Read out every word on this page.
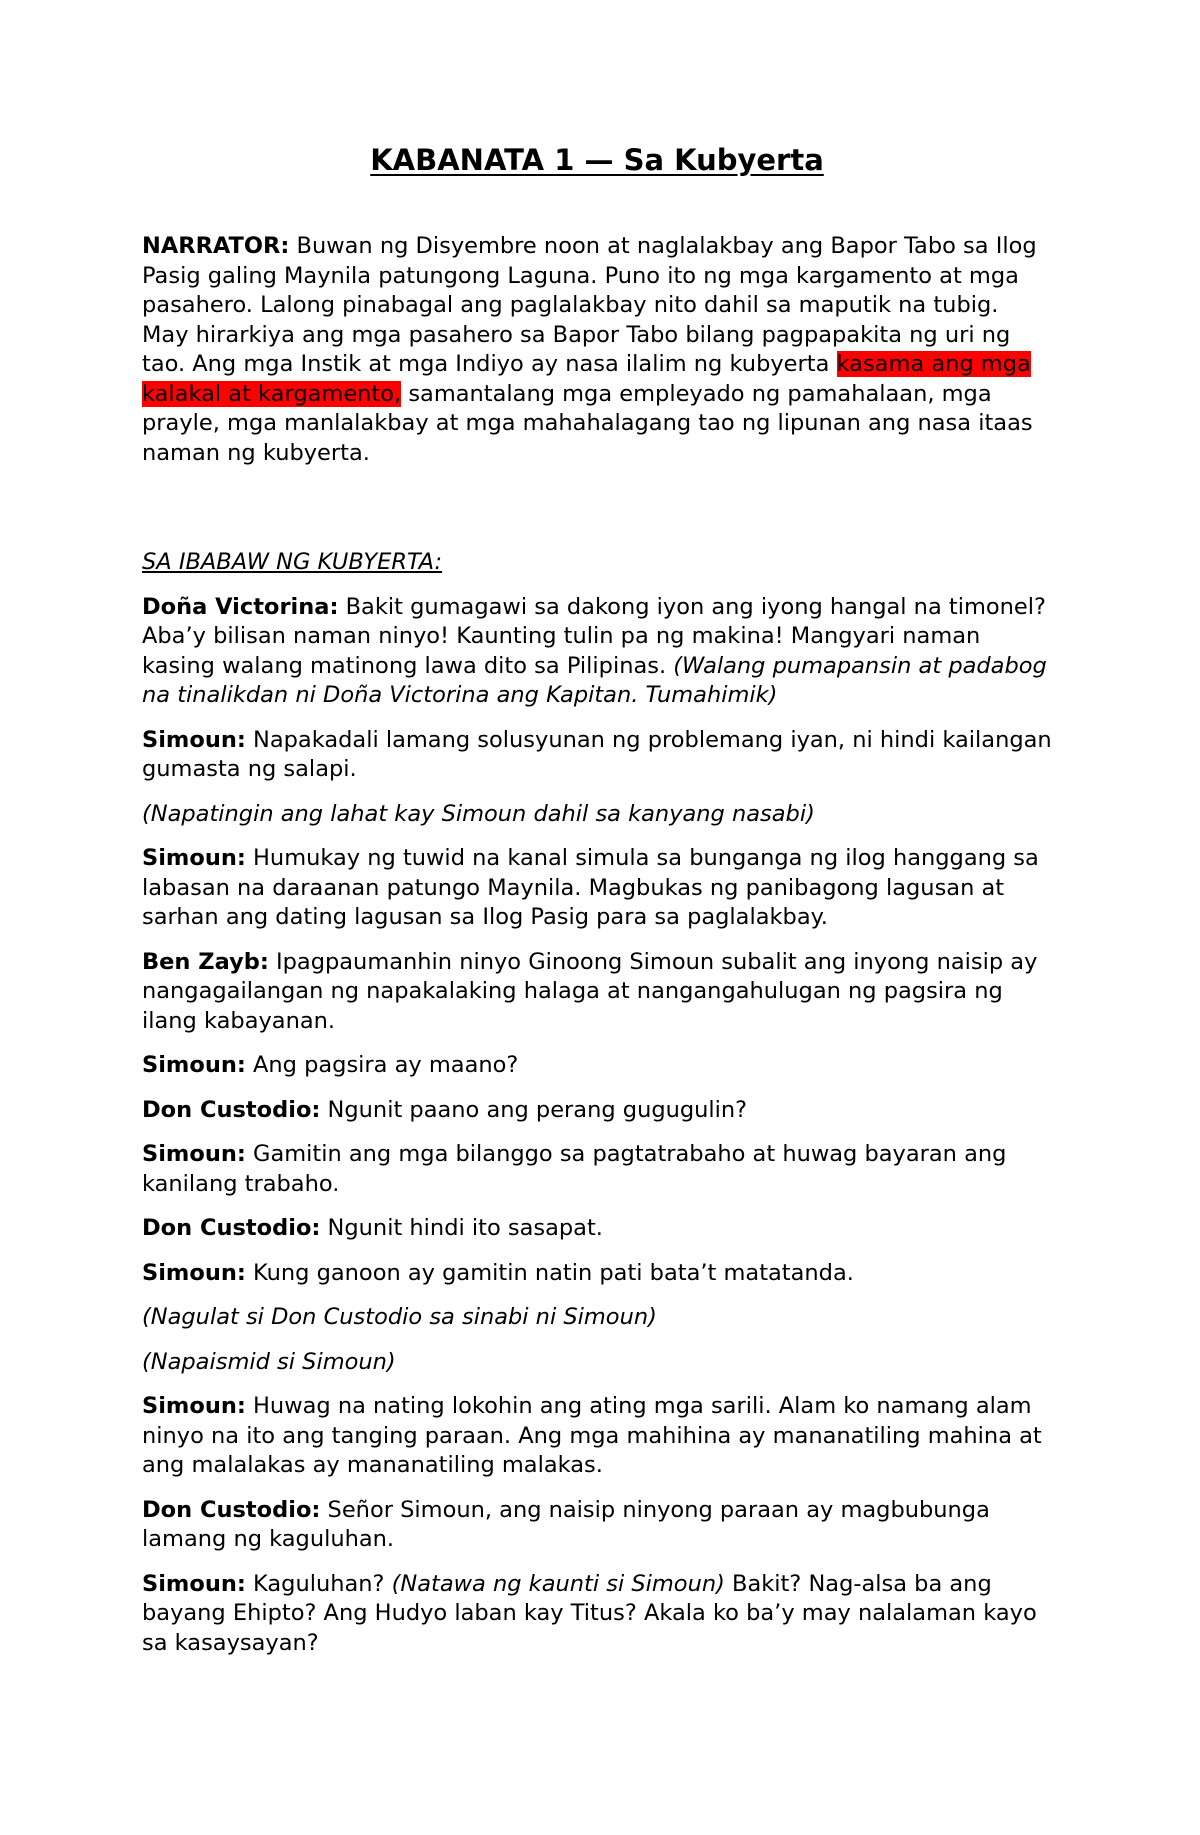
KABANATA 1 — Sa Kubyerta

NARRATOR: Buwan ng Disyembre noon at naglalakbay ang Bapor Tabo sa Ilog Pasig galing Maynila patungong Laguna. Puno ito ng mga kargamento at mga pasahero. Lalong pinabagal ang paglalakbay nito dahil sa maputik na tubig. May hirarkiya ang mga pasahero sa Bapor Tabo bilang pagpapakita ng uri ng tao. Ang mga Instik at mga Indiyo ay nasa ilalim ng kubyerta kasama ang mga kalakal at kargamento, samantalang mga empleyado ng pamahalaan, mga prayle, mga manlalakbay at mga mahahalagang tao ng lipunan ang nasa itaas naman ng kubyerta.

SA IBABAW NG KUBYERTA:

Doña Victorina: Bakit gumagawi sa dakong iyon ang iyong hangal na timonel? Aba’y bilisan naman ninyo! Kaunting tulin pa ng makina! Mangyari naman kasing walang matinong lawa dito sa Pilipinas. (Walang pumapansin at padabog na tinalikdan ni Doña Victorina ang Kapitan. Tumahimik)

Simoun: Napakadali lamang solusyunan ng problemang iyan, ni hindi kailangan gumasta ng salapi.

(Napatingin ang lahat kay Simoun dahil sa kanyang nasabi)

Simoun: Humukay ng tuwid na kanal simula sa bunganga ng ilog hanggang sa labasan na daraanan patungo Maynila. Magbukas ng panibagong lagusan at sarhan ang dating lagusan sa Ilog Pasig para sa paglalakbay.

Ben Zayb: Ipagpaumanhin ninyo Ginoong Simoun subalit ang inyong naisip ay nangagailangan ng napakalaking halaga at nangangahulugan ng pagsira ng ilang kabayanan.

Simoun: Ang pagsira ay maano?

Don Custodio: Ngunit paano ang perang gugugulin?

Simoun: Gamitin ang mga bilanggo sa pagtatrabaho at huwag bayaran ang kanilang trabaho.

Don Custodio: Ngunit hindi ito sasapat.

Simoun: Kung ganoon ay gamitin natin pati bata’t matatanda.

(Nagulat si Don Custodio sa sinabi ni Simoun)

(Napaismid si Simoun)

Simoun: Huwag na nating lokohin ang ating mga sarili. Alam ko namang alam ninyo na ito ang tanging paraan. Ang mga mahihina ay mananatiling mahina at ang malalakas ay mananatiling malakas.

Don Custodio: Señor Simoun, ang naisip ninyong paraan ay magbubunga lamang ng kaguluhan.

Simoun: Kaguluhan? (Natawa ng kaunti si Simoun) Bakit? Nag-alsa ba ang bayang Ehipto? Ang Hudyo laban kay Titus? Akala ko ba’y may nalalaman kayo sa kasaysayan?
